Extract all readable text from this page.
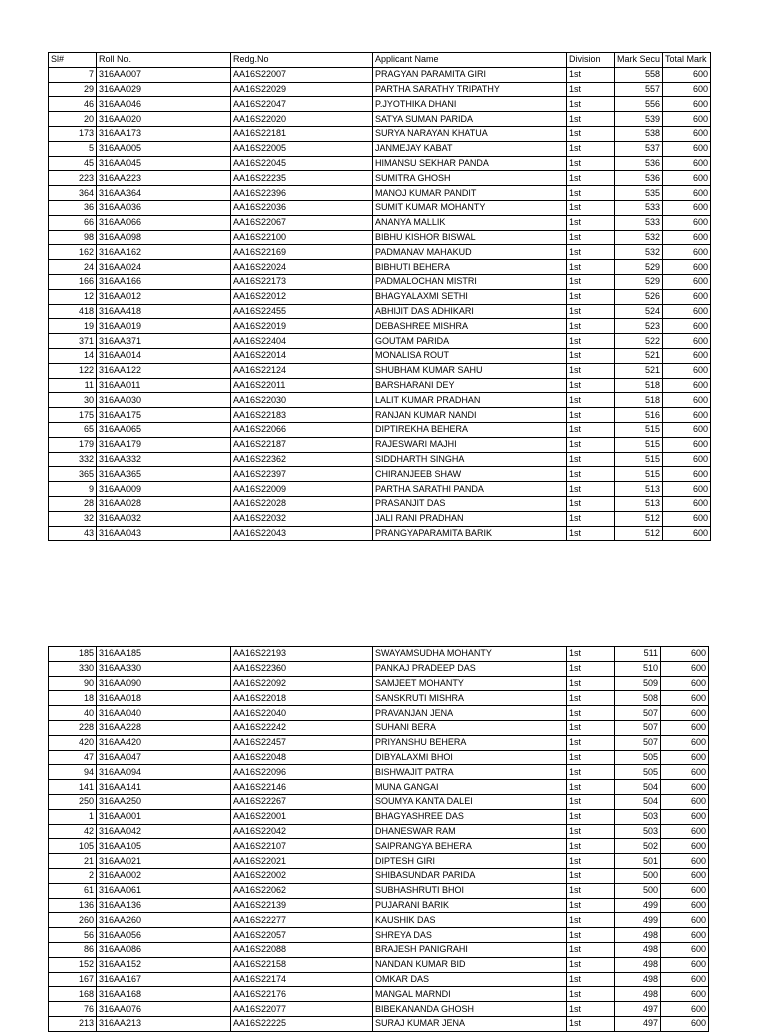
Sl#	Roll No.	Redg.No	Applicant Name	Division	Mark Secu	Total Mark
7	316AA007	AA16S22007	PRAGYAN PARAMITA GIRI	1st	558	600
29	316AA029	AA16S22029	PARTHA SARATHY TRIPATHY	1st	557	600
46	316AA046	AA16S22047	P.JYOTHIKA DHANI	1st	556	600
20	316AA020	AA16S22020	SATYA SUMAN PARIDA	1st	539	600
173	316AA173	AA16S22181	SURYA NARAYAN KHATUA	1st	538	600
5	316AA005	AA16S22005	JANMEJAY KABAT	1st	537	600
45	316AA045	AA16S22045	HIMANSU SEKHAR PANDA	1st	536	600
223	316AA223	AA16S22235	SUMITRA GHOSH	1st	536	600
364	316AA364	AA16S22396	MANOJ KUMAR PANDIT	1st	535	600
36	316AA036	AA16S22036	SUMIT KUMAR MOHANTY	1st	533	600
66	316AA066	AA16S22067	ANANYA MALLIK	1st	533	600
98	316AA098	AA16S22100	BIBHU KISHOR BISWAL	1st	532	600
162	316AA162	AA16S22169	PADMANAV MAHAKUD	1st	532	600
24	316AA024	AA16S22024	BIBHUTI BEHERA	1st	529	600
166	316AA166	AA16S22173	PADMALOCHAN MISTRI	1st	529	600
12	316AA012	AA16S22012	BHAGYALAXMI SETHI	1st	526	600
418	316AA418	AA16S22455	ABHIJIT DAS ADHIKARI	1st	524	600
19	316AA019	AA16S22019	DEBASHREE MISHRA	1st	523	600
371	316AA371	AA16S22404	GOUTAM PARIDA	1st	522	600
14	316AA014	AA16S22014	MONALISA ROUT	1st	521	600
122	316AA122	AA16S22124	SHUBHAM KUMAR SAHU	1st	521	600
11	316AA011	AA16S22011	BARSHARANI DEY	1st	518	600
30	316AA030	AA16S22030	LALIT KUMAR PRADHAN	1st	518	600
175	316AA175	AA16S22183	RANJAN KUMAR NANDI	1st	516	600
65	316AA065	AA16S22066	DIPTIREKHA BEHERA	1st	515	600
179	316AA179	AA16S22187	RAJESWARI MAJHI	1st	515	600
332	316AA332	AA16S22362	SIDDHARTH SINGHA	1st	515	600
365	316AA365	AA16S22397	CHIRANJEEB SHAW	1st	515	600
9	316AA009	AA16S22009	PARTHA SARATHI PANDA	1st	513	600
28	316AA028	AA16S22028	PRASANJIT DAS	1st	513	600
32	316AA032	AA16S22032	JALI RANI PRADHAN	1st	512	600
43	316AA043	AA16S22043	PRANGYAPARAMITA BARIK	1st	512	600
185	316AA185	AA16S22193	SWAYAMSUDHA MOHANTY	1st	511	600
330	316AA330	AA16S22360	PANKAJ PRADEEP DAS	1st	510	600
90	316AA090	AA16S22092	SAMJEET MOHANTY	1st	509	600
18	316AA018	AA16S22018	SANSKRUTI MISHRA	1st	508	600
40	316AA040	AA16S22040	PRAVANJAN JENA	1st	507	600
228	316AA228	AA16S22242	SUHANI BERA	1st	507	600
420	316AA420	AA16S22457	PRIYANSHU BEHERA	1st	507	600
47	316AA047	AA16S22048	DIBYALAXMI BHOI	1st	505	600
94	316AA094	AA16S22096	BISHWAJIT PATRA	1st	505	600
141	316AA141	AA16S22146	MUNA GANGAI	1st	504	600
250	316AA250	AA16S22267	SOUMYA KANTA DALEI	1st	504	600
1	316AA001	AA16S22001	BHAGYASHREE DAS	1st	503	600
42	316AA042	AA16S22042	DHANESWAR RAM	1st	503	600
105	316AA105	AA16S22107	SAIPRANGYA BEHERA	1st	502	600
21	316AA021	AA16S22021	DIPTESH GIRI	1st	501	600
2	316AA002	AA16S22002	SHIBASUNDAR PARIDA	1st	500	600
61	316AA061	AA16S22062	SUBHASHRUTI BHOI	1st	500	600
136	316AA136	AA16S22139	PUJARANI BARIK	1st	499	600
260	316AA260	AA16S22277	KAUSHIK DAS	1st	499	600
56	316AA056	AA16S22057	SHREYA DAS	1st	498	600
86	316AA086	AA16S22088	BRAJESH PANIGRAHI	1st	498	600
152	316AA152	AA16S22158	NANDAN KUMAR BID	1st	498	600
167	316AA167	AA16S22174	OMKAR DAS	1st	498	600
168	316AA168	AA16S22176	MANGAL MARNDI	1st	498	600
76	316AA076	AA16S22077	BIBEKANANDA GHOSH	1st	497	600
213	316AA213	AA16S22225	SURAJ KUMAR JENA	1st	497	600
